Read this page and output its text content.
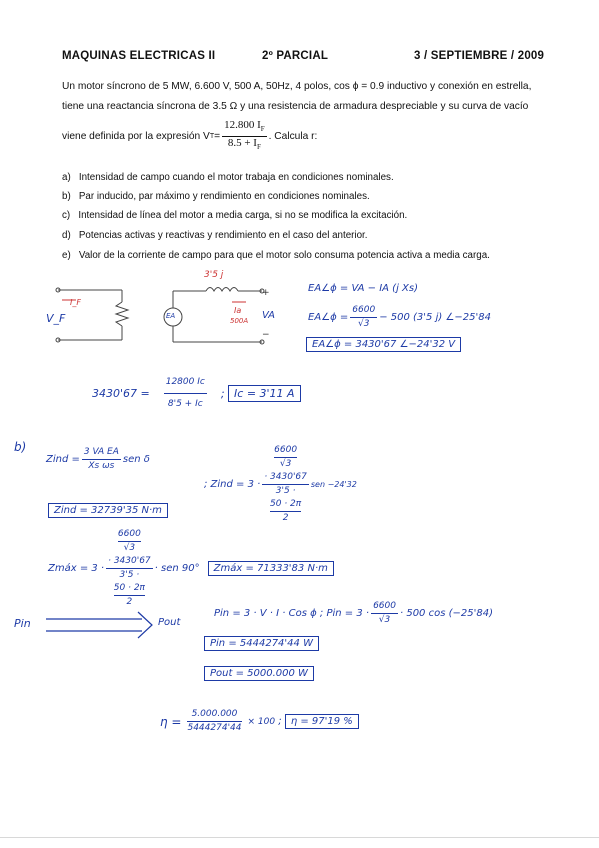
MAQUINAS ELECTRICAS II	2º PARCIAL	3 / SEPTIEMBRE / 2009
Un motor síncrono de 5 MW, 6.600 V, 500 A, 50Hz, 4 polos, cos ϕ = 0.9 inductivo y conexión en estrella,
tiene una reactancia síncrona de 3.5 Ω y una resistencia de armadura despreciable y su curva de vacío
viene definida por la expresión V $T = \frac{12.800 I_F}{8.5 + I_F}$ . Calcula r:
a) Intensidad de campo cuando el motor trabaja en condiciones nominales.
b) Par inducido, par máximo y rendimiento en condiciones nominales.
c) Intensidad de línea del motor a media carga, si no se modifica la excitación.
d) Potencias activas y reactivas y rendimiento en el caso del anterior.
e) Valor de la corriente de campo para que el motor solo consuma potencia activa a media carga.
I_F
V_F
3'5 j
EA
Ia
500A VA
+
−
EA∠ϕ = VA − IA (j Xs)
EA∠ϕ = $\frac{6600}{√3} - 500$ (3'5 j) ∠−25'84
EA∠ϕ = 3430'67 ∠−24'32 V
$3430'67 = \frac{12800 Ic}{8'5 + Ic}$ ; Ic = 3'11 A
b)
Zind = $\frac{\text{3 VA EA}}{\text{Xs ωs}}$ sen δ
; Zind = $3 \cdot \frac{6600}{√3}$
· 3430'67
3'5 ·
$\frac{50 \cdot 2\pi}{2}$ sen −24'32
Zind = 32739'35 N·m
Zmáx = $3 \cdot \frac{6600}{√3}$
· 3430'67
3'5 ·
$\frac{50 \cdot 2\pi}{2}$ · sen 90°	Zmáx = 71333'83 N·m
Pin	Pout
Pin = 3 · V · I · Cos ϕ ; Pin = $3 \cdot \frac{6600}{√3} \cdot 500$ cos (−25'84)
Pin = 5444274'44 W
Pout = 5000.000 W
$\eta = \frac{5.000.000}{5444274'44} \times 100$ ; η = 97'19 %
